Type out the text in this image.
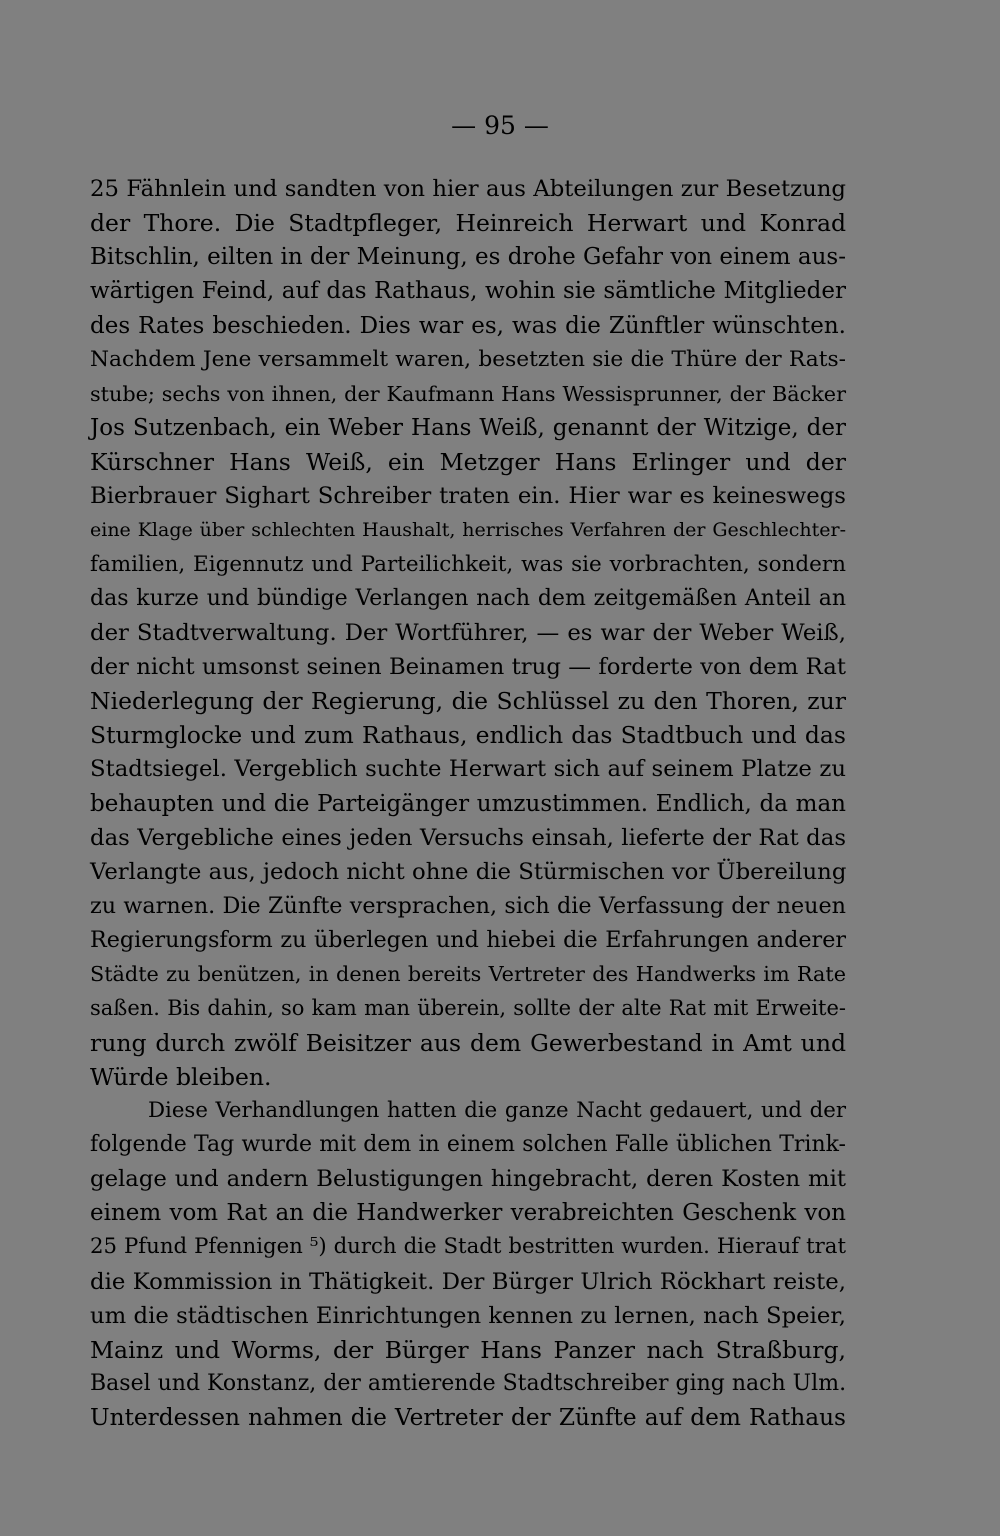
— 95 —
25 Fähnlein und sandten von hier aus Abteilungen zur Besetzung
der Thore. Die Stadtpfleger, Heinreich Herwart und Konrad
Bitschlin, eilten in der Meinung, es drohe Gefahr von einem aus-
wärtigen Feind, auf das Rathaus, wohin sie sämtliche Mitglieder
des Rates beschieden. Dies war es, was die Zünftler wünschten.
Nachdem Jene versammelt waren, besetzten sie die Thüre der Rats-
stube; sechs von ihnen, der Kaufmann Hans Wessisprunner, der Bäcker
Jos Sutzenbach, ein Weber Hans Weiß, genannt der Witzige, der
Kürschner Hans Weiß, ein Metzger Hans Erlinger und der
Bierbrauer Sighart Schreiber traten ein. Hier war es keineswegs
eine Klage über schlechten Haushalt, herrisches Verfahren der Geschlechter-
familien, Eigennutz und Parteilichkeit, was sie vorbrachten, sondern
das kurze und bündige Verlangen nach dem zeitgemäßen Anteil an
der Stadtverwaltung. Der Wortführer, — es war der Weber Weiß,
der nicht umsonst seinen Beinamen trug — forderte von dem Rat
Niederlegung der Regierung, die Schlüssel zu den Thoren, zur
Sturmglocke und zum Rathaus, endlich das Stadtbuch und das
Stadtsiegel. Vergeblich suchte Herwart sich auf seinem Platze zu
behaupten und die Parteigänger umzustimmen. Endlich, da man
das Vergebliche eines jeden Versuchs einsah, lieferte der Rat das
Verlangte aus, jedoch nicht ohne die Stürmischen vor Übereilung
zu warnen. Die Zünfte versprachen, sich die Verfassung der neuen
Regierungsform zu überlegen und hiebei die Erfahrungen anderer
Städte zu benützen, in denen bereits Vertreter des Handwerks im Rate
saßen. Bis dahin, so kam man überein, sollte der alte Rat mit Erweite-
rung durch zwölf Beisitzer aus dem Gewerbestand in Amt und
Würde bleiben.
Diese Verhandlungen hatten die ganze Nacht gedauert, und der
folgende Tag wurde mit dem in einem solchen Falle üblichen Trink-
gelage und andern Belustigungen hingebracht, deren Kosten mit
einem vom Rat an die Handwerker verabreichten Geschenk von
25 Pfund Pfennigen ⁵) durch die Stadt bestritten wurden. Hierauf trat
die Kommission in Thätigkeit. Der Bürger Ulrich Röckhart reiste,
um die städtischen Einrichtungen kennen zu lernen, nach Speier,
Mainz und Worms, der Bürger Hans Panzer nach Straßburg,
Basel und Konstanz, der amtierende Stadtschreiber ging nach Ulm.
Unterdessen nahmen die Vertreter der Zünfte auf dem Rathaus
